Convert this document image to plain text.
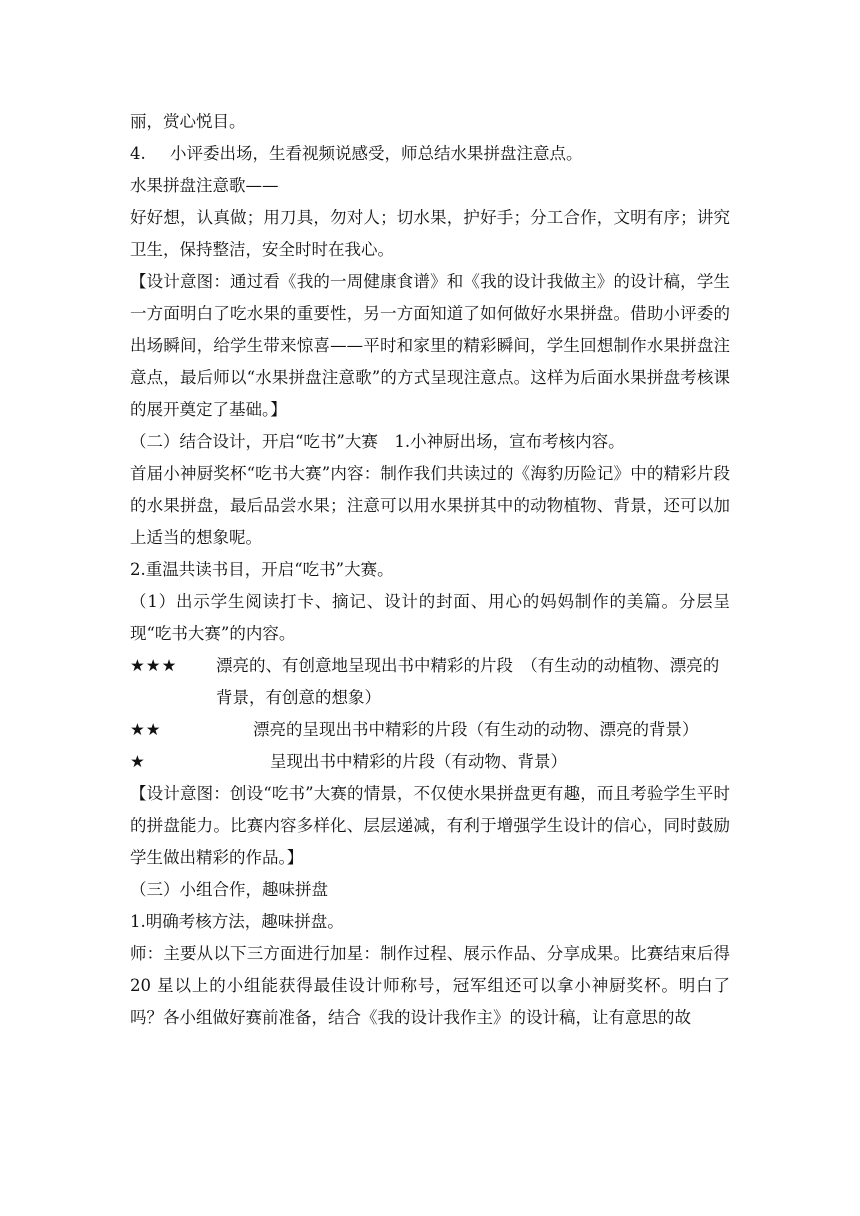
丽，赏心悦目。

4. 小评委出场，生看视频说感受，师总结水果拼盘注意点。

水果拼盘注意歌——

好好想，认真做；用刀具，勿对人；切水果，护好手；分工合作，文明有序；讲究卫生，保持整洁，安全时时在我心。

【设计意图：通过看《我的一周健康食谱》和《我的设计我做主》的设计稿，学生一方面明白了吃水果的重要性，另一方面知道了如何做好水果拼盘。借助小评委的出场瞬间，给学生带来惊喜——平时和家里的精彩瞬间，学生回想制作水果拼盘注意点，最后师以“水果拼盘注意歌”的方式呈现注意点。这样为后面水果拼盘考核课的展开奠定了基础。】

（二）结合设计，开启“吃书”大赛　1.小神厨出场，宣布考核内容。

首届小神厨奖杯“吃书大赛”内容：制作我们共读过的《海豹历险记》中的精彩片段的水果拼盘，最后品尝水果；注意可以用水果拼其中的动物植物、背景，还可以加上适当的想象呢。

2.重温共读书目，开启“吃书”大赛。

（1）出示学生阅读打卡、摘记、设计的封面、用心的妈妈制作的美篇。分层呈现“吃书大赛”的内容。

★★★	漂亮的、有创意地呈现出书中精彩的片段　（有生动的动植物、漂亮的背景，有创意的想象）
★★	漂亮的呈现出书中精彩的片段（有生动的动物、漂亮的背景）
★	呈现出书中精彩的片段（有动物、背景）

【设计意图：创设“吃书”大赛的情景，不仅使水果拼盘更有趣，而且考验学生平时的拼盘能力。比赛内容多样化、层层递减，有利于增强学生设计的信心，同时鼓励学生做出精彩的作品。】

（三）小组合作，趣味拼盘

1.明确考核方法，趣味拼盘。

师：主要从以下三方面进行加星：制作过程、展示作品、分享成果。比赛结束后得 20 星以上的小组能获得最佳设计师称号，冠军组还可以拿小神厨奖杯。明白了吗？各小组做好赛前准备，结合《我的设计我作主》的设计稿，让有意思的故
